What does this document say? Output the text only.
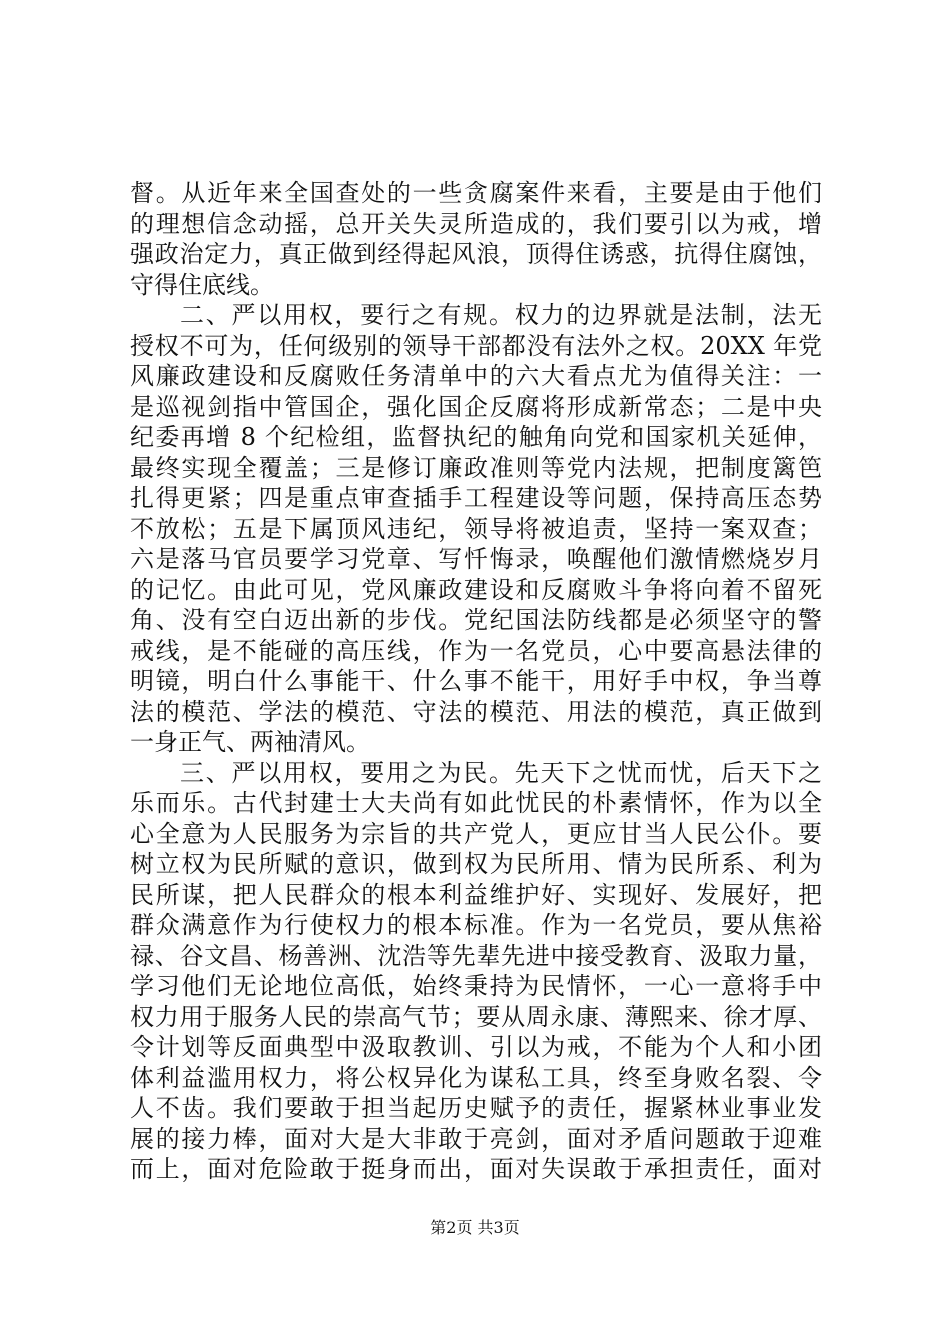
督。从近年来全国查处的一些贪腐案件来看，主要是由于他们
的理想信念动摇，总开关失灵所造成的，我们要引以为戒，增
强政治定力，真正做到经得起风浪，顶得住诱惑，抗得住腐蚀，
守得住底线。
二、严以用权，要行之有规。权力的边界就是法制，法无
授权不可为，任何级别的领导干部都没有法外之权。20XX 年党
风廉政建设和反腐败任务清单中的六大看点尤为值得关注：一
是巡视剑指中管国企，强化国企反腐将形成新常态；二是中央
纪委再增 8 个纪检组，监督执纪的触角向党和国家机关延伸，
最终实现全覆盖；三是修订廉政准则等党内法规，把制度篱笆
扎得更紧；四是重点审查插手工程建设等问题，保持高压态势
不放松；五是下属顶风违纪，领导将被追责，坚持一案双查；
六是落马官员要学习党章、写忏悔录，唤醒他们激情燃烧岁月
的记忆。由此可见，党风廉政建设和反腐败斗争将向着不留死
角、没有空白迈出新的步伐。党纪国法防线都是必须坚守的警
戒线，是不能碰的高压线，作为一名党员，心中要高悬法律的
明镜，明白什么事能干、什么事不能干，用好手中权，争当尊
法的模范、学法的模范、守法的模范、用法的模范，真正做到
一身正气、两袖清风。
三、严以用权，要用之为民。先天下之忧而忧，后天下之
乐而乐。古代封建士大夫尚有如此忧民的朴素情怀，作为以全
心全意为人民服务为宗旨的共产党人，更应甘当人民公仆。要
树立权为民所赋的意识，做到权为民所用、情为民所系、利为
民所谋，把人民群众的根本利益维护好、实现好、发展好，把
群众满意作为行使权力的根本标准。作为一名党员，要从焦裕
禄、谷文昌、杨善洲、沈浩等先辈先进中接受教育、汲取力量，
学习他们无论地位高低，始终秉持为民情怀，一心一意将手中
权力用于服务人民的崇高气节；要从周永康、薄熙来、徐才厚、
令计划等反面典型中汲取教训、引以为戒，不能为个人和小团
体利益滥用权力，将公权异化为谋私工具，终至身败名裂、令
人不齿。我们要敢于担当起历史赋予的责任，握紧林业事业发
展的接力棒，面对大是大非敢于亮剑，面对矛盾问题敢于迎难
而上，面对危险敢于挺身而出，面对失误敢于承担责任，面对
第2页 共3页
